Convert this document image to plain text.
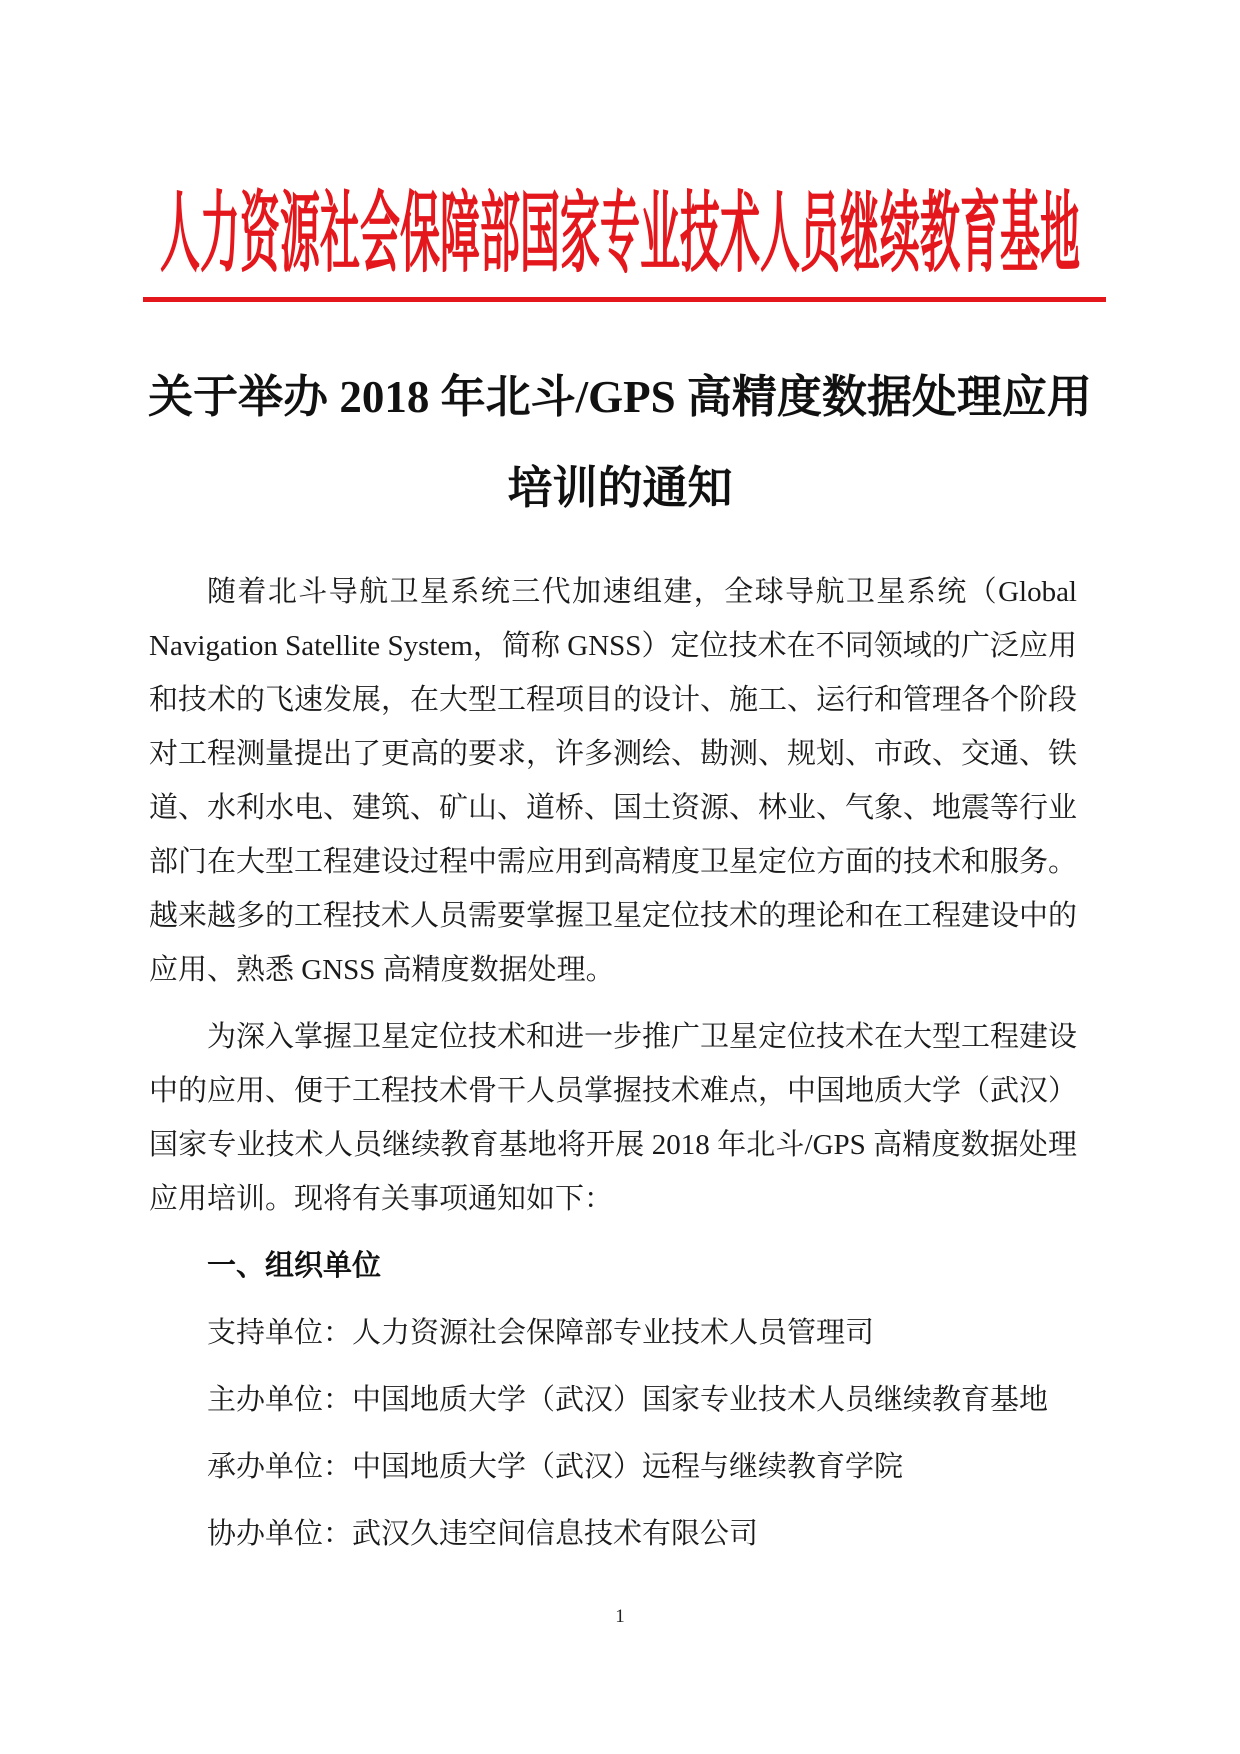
人力资源社会保障部国家专业技术人员继续教育基地
关于举办 2018 年北斗/GPS 高精度数据处理应用
培训的通知

随着北斗导航卫星系统三代加速组建，全球导航卫星系统（Global Navigation Satellite System，简称 GNSS）定位技术在不同领域的广泛应用和技术的飞速发展，在大型工程项目的设计、施工、运行和管理各个阶段对工程测量提出了更高的要求，许多测绘、勘测、规划、市政、交通、铁道、水利水电、建筑、矿山、道桥、国土资源、林业、气象、地震等行业部门在大型工程建设过程中需应用到高精度卫星定位方面的技术和服务。越来越多的工程技术人员需要掌握卫星定位技术的理论和在工程建设中的应用、熟悉 GNSS 高精度数据处理。

为深入掌握卫星定位技术和进一步推广卫星定位技术在大型工程建设中的应用、便于工程技术骨干人员掌握技术难点，中国地质大学（武汉）国家专业技术人员继续教育基地将开展 2018 年北斗/GPS 高精度数据处理应用培训。现将有关事项通知如下：

一、组织单位

支持单位：人力资源社会保障部专业技术人员管理司

主办单位：中国地质大学（武汉）国家专业技术人员继续教育基地

承办单位：中国地质大学（武汉）远程与继续教育学院

协办单位：武汉久违空间信息技术有限公司

1
